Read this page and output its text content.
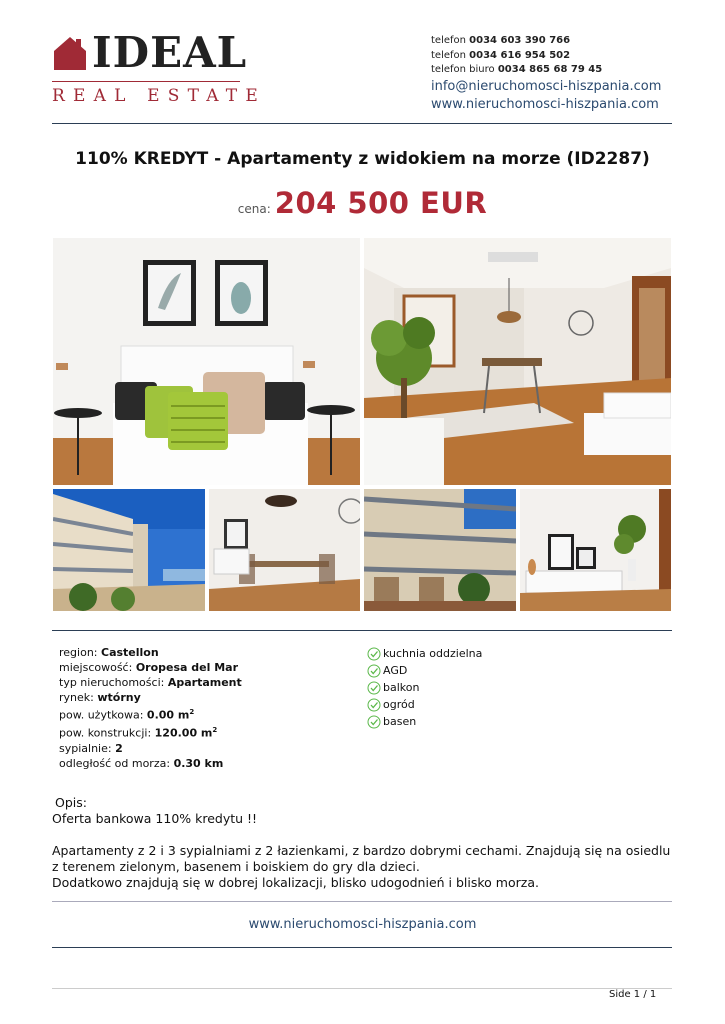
IDEAL
REAL ESTATE
telefon 0034 603 390 766
telefon 0034 616 954 502
telefon biuro 0034 865 68 79 45
info@nieruchomosci-hiszpania.com
www.nieruchomosci-hiszpania.com
110% KREDYT - Apartamenty z widokiem na morze (ID2287)
cena: 204 500 EUR
region: Castellon
miejscowość: Oropesa del Mar
typ nieruchomości: Apartament
rynek: wtórny
pow. użytkowa: 0.00 $m^2$
pow. konstrukcji: 120.00 $m^2$
sypialnie: 2
odległość od morza: 0.30 km
kuchnia oddzielna
AGD
balkon
ogród
basen

Opis:

Oferta bankowa 110% kredytu !!

Apartamenty z 2 i 3 sypialniami z 2 łazienkami, z bardzo dobrymi cechami. Znajdują się na osiedlu z terenem zielonym, basenem i boiskiem do gry dla dzieci.

Dodatkowo znajdują się w dobrej lokalizacji, blisko udogodnień i blisko morza.

www.nieruchomosci-hiszpania.com
Side 1 / 1
